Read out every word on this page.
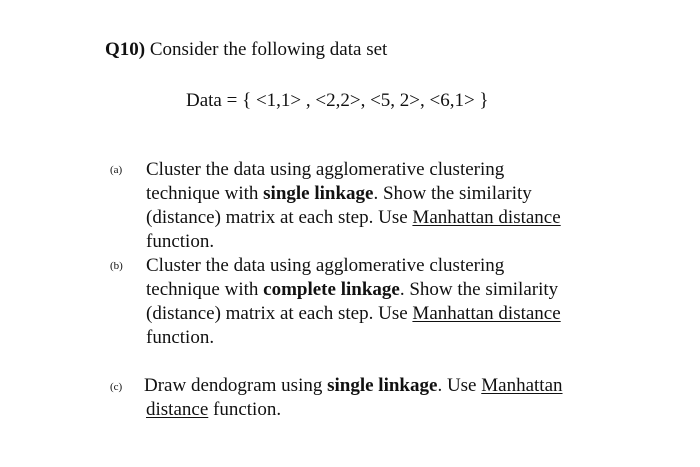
Q10) Consider the following data set
Data = { <1,1> , <2,2>, <5, 2>, <6,1> }
(a)	Cluster the data using agglomerative clustering
technique with single linkage. Show the similarity
(distance) matrix at each step. Use Manhattan distance
function.
(b)	Cluster the data using agglomerative clustering
technique with complete linkage. Show the similarity
(distance) matrix at each step. Use Manhattan distance
function.
(c)	Draw dendogram using single linkage. Use Manhattan
distance function.
